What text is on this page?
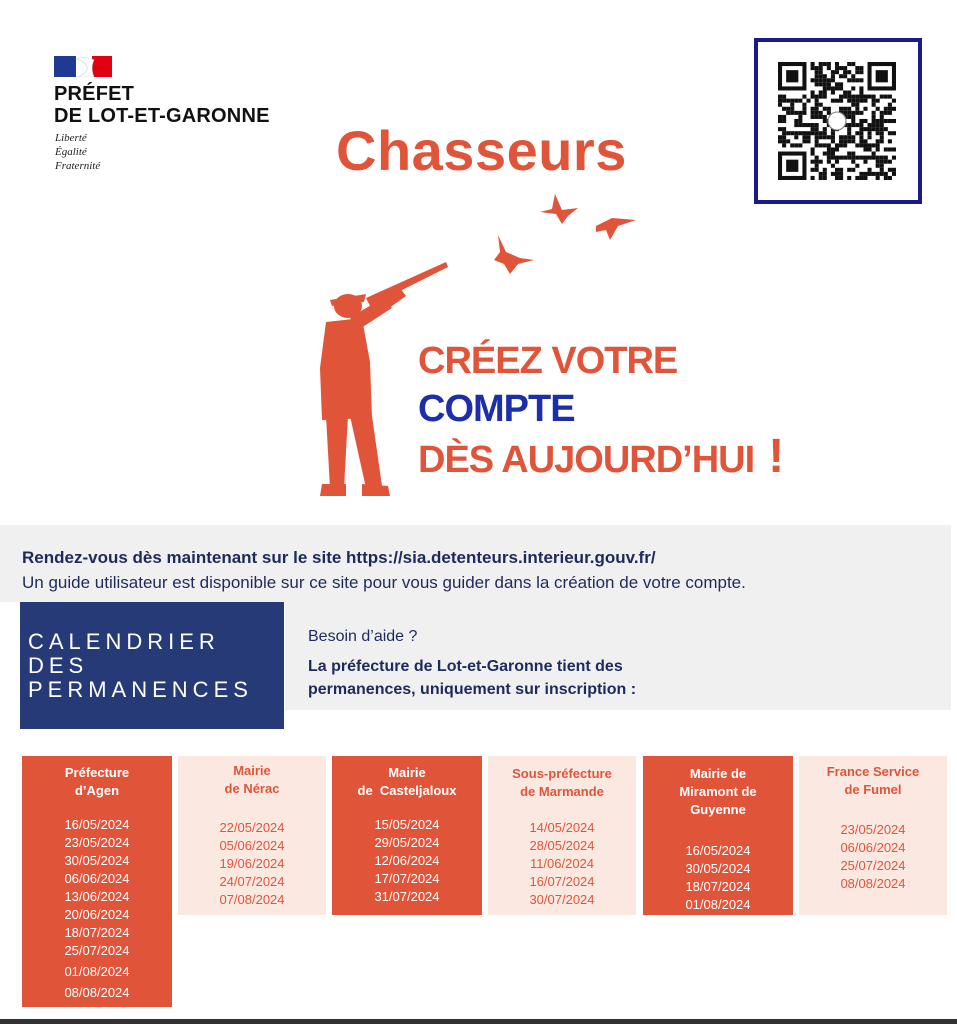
PRÉFET
DE LOT-ET-GARONNE
Liberté
Égalité
Fraternité	Chasseurs
CRÉEZ VOTRE
COMPTE
DÈS AUJOURD’HUI !
Rendez-vous dès maintenant sur le site https://sia.detenteurs.interieur.gouv.fr/
Un guide utilisateur est disponible sur ce site pour vous guider dans la création de votre compte.
CALENDRIER
DES
PERMANENCES
Besoin d’aide ?
La préfecture de Lot-et-Garonne tient des
permanences, uniquement sur inscription :
Préfecture
d’Agen
16/05/2024
23/05/2024
30/05/2024
06/06/2024
13/06/2024
20/06/2024
18/07/2024
25/07/2024
01/08/2024
08/08/2024
Mairie
de Nérac
22/05/2024
05/06/2024
19/06/2024
24/07/2024
07/08/2024
Mairie
de  Casteljaloux
15/05/2024
29/05/2024
12/06/2024
17/07/2024
31/07/2024
Sous-préfecture
de Marmande
14/05/2024
28/05/2024
11/06/2024
16/07/2024
30/07/2024
Mairie de
Miramont de
Guyenne
16/05/2024
30/05/2024
18/07/2024
01/08/2024
France Service
de Fumel
23/05/2024
06/06/2024
25/07/2024
08/08/2024
